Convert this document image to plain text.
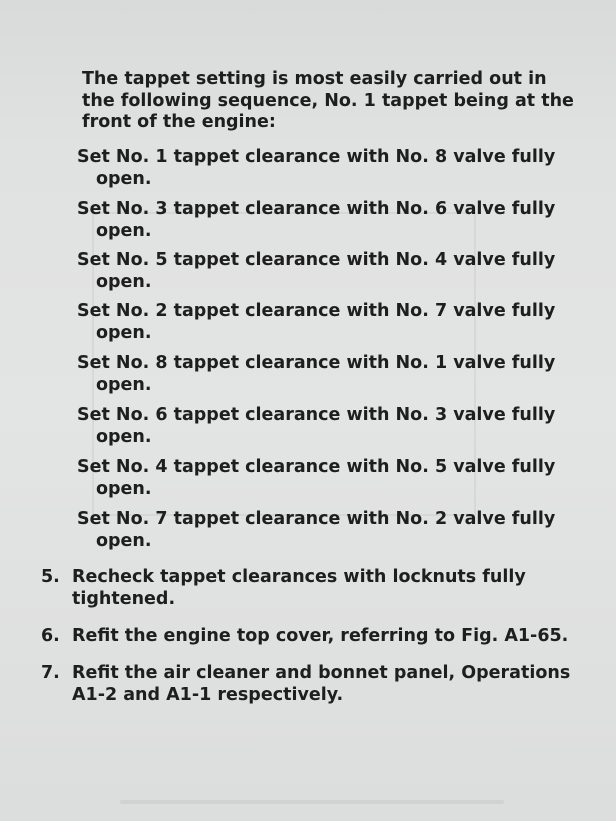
The tappet setting is most easily carried out in
the following sequence, No. 1 tappet being at the
front of the engine:
Set No. 1 tappet clearance with No. 8 valve fully
open.
Set No. 3 tappet clearance with No. 6 valve fully
open.
Set No. 5 tappet clearance with No. 4 valve fully
open.
Set No. 2 tappet clearance with No. 7 valve fully
open.
Set No. 8 tappet clearance with No. 1 valve fully
open.
Set No. 6 tappet clearance with No. 3 valve fully
open.
Set No. 4 tappet clearance with No. 5 valve fully
open.
Set No. 7 tappet clearance with No. 2 valve fully
open.
5. Recheck tappet clearances with locknuts fully
tightened.
6. Refit the engine top cover, referring to Fig. A1-65.
7. Refit the air cleaner and bonnet panel, Operations
A1-2 and A1-1 respectively.
